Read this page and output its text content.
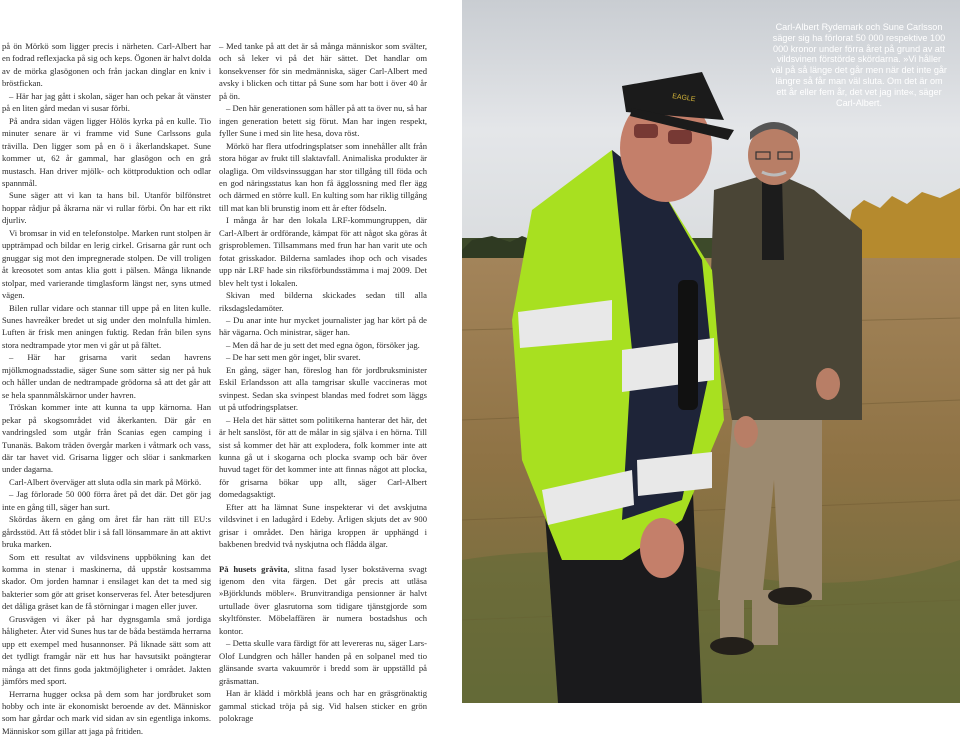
på ön Mörkö som ligger precis i närheten. Carl-Albert har en fodrad reflexjacka på sig och keps. Ögonen är halvt dolda av de mörka glasögonen och från jackan dinglar en kniv i bröstfickan.

– Här har jag gått i skolan, säger han och pekar åt vänster på en liten gård medan vi susar förbi.

På andra sidan vägen ligger Hölös kyrka på en kulle. Tio minuter senare är vi framme vid Sune Carlssons gula trävilla. Den ligger som på en ö i åkerlandskapet. Sune kommer ut, 62 år gammal, har glasögon och en grå mustasch. Han driver mjölk- och köttproduktion och odlar spannmål.

Sune säger att vi kan ta hans bil. Utanför bilfönstret hoppar rådjur på åkrarna när vi rullar förbi. Ön har ett rikt djurliv.

Vi bromsar in vid en telefonstolpe. Marken runt stolpen är uppträmpad och bildar en lerig cirkel. Grisarna går runt och gnuggar sig mot den impregnerade stolpen. De vill troligen åt kreosotet som antas klia gott i pälsen. Många liknande stolpar, med varierande timglasform längst ner, syns utmed vägen.

Bilen rullar vidare och stannar till uppe på en liten kulle. Sunes havreåker bredet ut sig under den molnfulla himlen. Luften är frisk men aningen fuktig. Redan från bilen syns stora nedtrampade ytor men vi går ut på fältet.

– Här har grisarna varit sedan havrens mjölkmognadsstadie, säger Sune som sätter sig ner på huk och håller undan de nedtrampade grödorna så att det går att se hela spannmålskärnor under havren.

Tröskan kommer inte att kunna ta upp kärnorna. Han pekar på skogsområdet vid åkerkanten. Där går en vandringsled som utgår från Scanias egen camping i Tunanäs. Bakom träden övergår marken i våtmark och vass, där tar havet vid. Grisarna ligger och slöar i sankmarken under dagarna.

Carl-Albert överväger att sluta odla sin mark på Mörkö.

– Jag förlorade 50 000 förra året på det där. Det gör jag inte en gång till, säger han surt.

Skördas åkern en gång om året får han rätt till EU:s gårdsstöd. Att få stödet blir i så fall lönsammare än att aktivt bruka marken.

Som ett resultat av vildsvinens uppbökning kan det komma in stenar i maskinerna, då uppstår kostsamma skador. Om jorden hamnar i ensilaget kan det ta med sig bakterier som gör att griset konserveras fel. Åter betesdjuren det dåliga gräset kan de få störningar i magen eller juver.

Grusvägen vi åker på har dygnsgamla små jordiga håligheter. Åter vid Sunes hus tar de båda bestämda herrarna upp ett exempel med husannonser. På liknade sätt som att det tydligt framgår när ett hus har havsutsikt poängterar många att det finns goda jaktmöjligheter i området. Jakten jämförs med sport.

Herrarna hugger ocksa på dem som har jordbruket som hobby och inte är ekonomiskt beroende av det. Människor som har gårdar och mark vid sidan av sin egentliga inkoms. Människor som gillar att jaga på fritiden.

– Med tanke på att det är så många människor som svälter, och så leker vi på det här sättet. Det handlar om konsekvenser för sin medmänniska, säger Carl-Albert med avsky i blicken och tittar på Sune som har bott i över 40 år på ön.

– Den här generationen som håller på att ta över nu, så har ingen generation betett sig förut. Man har ingen respekt, fyller Sune i med sin lite hesa, dova röst.

Mörkö har flera utfodringsplatser som innehåller allt från stora högar av frukt till slaktavfall. Animaliska produkter är olagliga. Om vildsvinssuggan har stor tillgång till föda och en god näringsstatus kan hon få ägglossning med fler ägg och därmed en större kull. En kulting som har riklig tillgång till mat kan bli brunstig inom ett år efter födseln.

I många år har den lokala LRF-kommungruppen, där Carl-Albert är ordförande, kämpat för att något ska göras åt grisproblemen. Tillsammans med frun har han varit ute och fotat grisskador. Bilderna samlades ihop och och visades upp när LRF hade sin riksförbundsstämma i maj 2009. Det blev helt tyst i lokalen.

Skivan med bilderna skickades sedan till alla riksdagsledamöter.

– Du anar inte hur mycket journalister jag har kört på de här vägarna. Och ministrar, säger han.

– Men då har de ju sett det med egna ögon, försöker jag.

– De har sett men gör inget, blir svaret.

En gång, säger han, föreslog han för jordbruksminister Eskil Erlandsson att alla tamgrisar skulle vaccineras mot svinpest. Sedan ska svinpest blandas med fodret som läggs ut på utfodringsplatser.

– Hela det här sättet som politikerna hanterar det här, det är helt sanslöst, för att de målar in sig själva i en hörna. Till sist så kommer det här att explodera, folk kommer inte att kunna gå ut i skogarna och plocka svamp och bär över huvud taget för det kommer inte att finnas något att plocka, för grisarna bökar upp allt, säger Carl-Albert domedagsaktigt.

Efter att ha lämnat Sune inspekterar vi det avskjutna vildsvinet i en ladugård i Edeby. Årligen skjuts det av 900 grisar i området. Den häriga kroppen är upphängd i bakbenen bredvid två nyskjutna och flådda älgar.

På husets gråvita, slitna fasad lyser bokstäverna svagt igenom den vita färgen. Det går precis att utläsa »Björklunds möbler«. Brunvitrandiga pensionner är halvt urtullade över glasrutorna som tidigare tjänstgjorde som skyltfönster. Möbelaffären är numera bostadshus och kontor.

– Detta skulle vara färdigt för att levereras nu, säger Lars-Olof Lundgren och håller handen på en solpanel med tio glänsande svarta vakuumrör i bredd som är uppställd på gräsmattan.

Han är klädd i mörkblå jeans och har en gräsgrönaktig gammal stickad tröja på sig. Vid halsen sticker en grön polokrage

EAGLE
Carl-Albert Rydemark och Sune Carlsson säger sig ha förlorat 50 000 respektive 100 000 kronor under förra året på grund av att vildsvinen förstörde skördarna. »Vi håller väl på så länge det går men när det inte går längre så får man väl sluta. Om det är om ett år eller fem år, det vet jag inte«, säger Carl-Albert.
